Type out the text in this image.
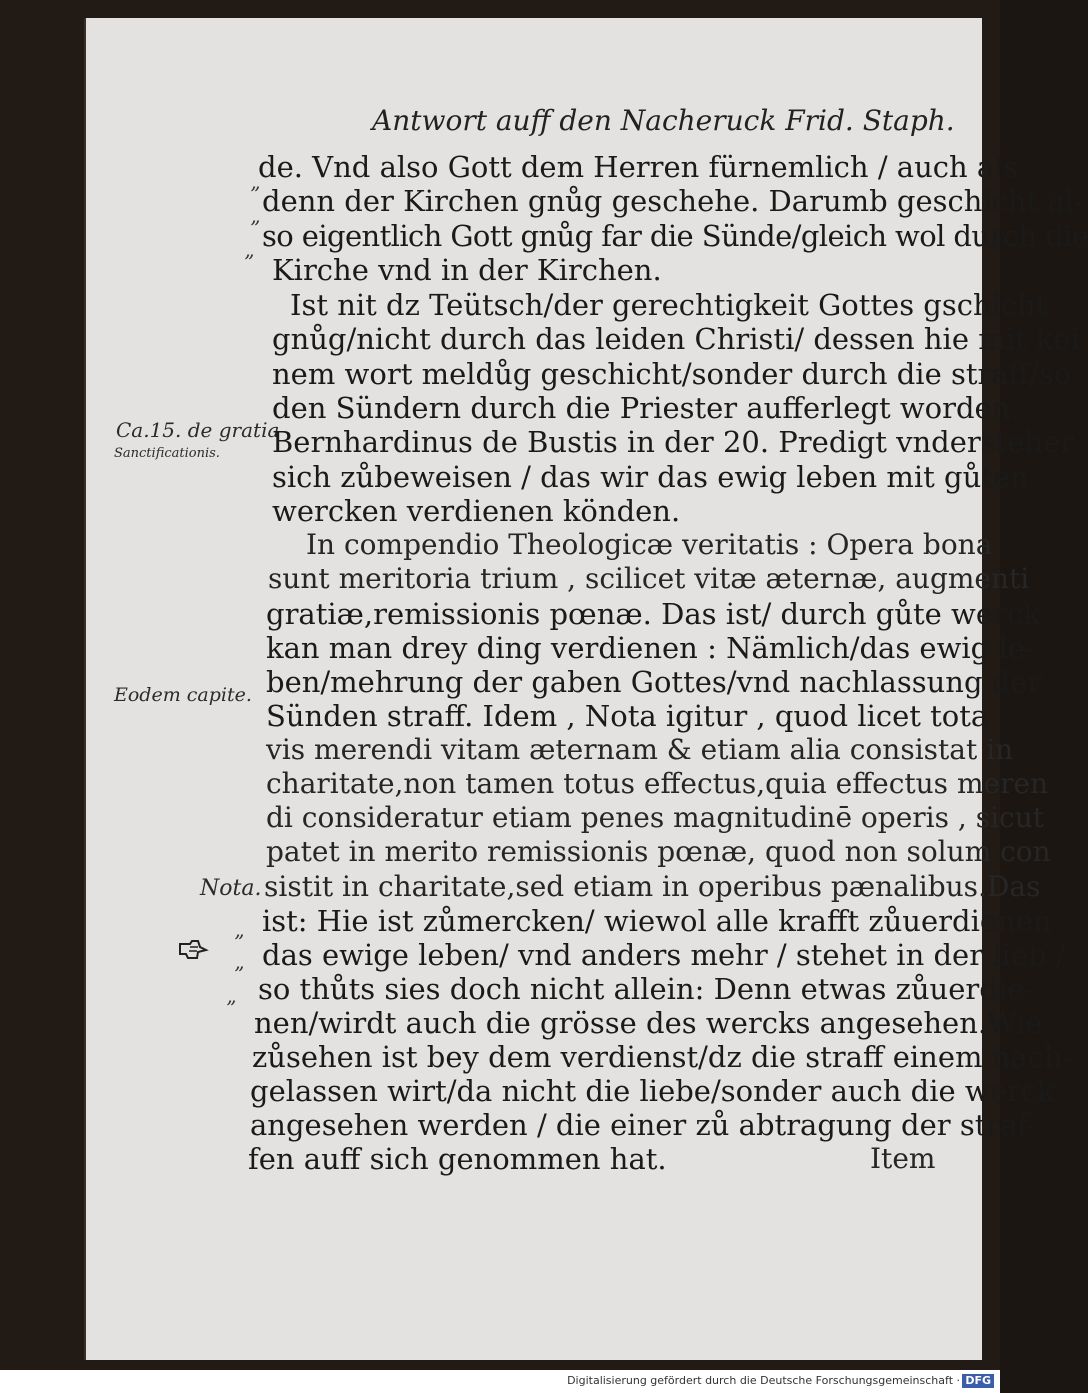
Antwort auff den Nacheruck Frid. Staph.
”
”
”
”
”
”
Ca.15. de gratia
Sanctificationis.
Eodem capite.
Nota.
de. Vnd also Gott dem Herren fürnemlich / auch als
denn der Kirchen gnůg geschehe. Darumb geschicht al-
so eigentlich Gott gnůg far die Sünde/gleich wol durch die
Kirche vnd in der Kirchen.
Ist nit dz Teütsch/der gerechtigkeit Gottes gschicht
gnůg/nicht durch das leiden Christi/ dessen hie mit kei
nem wort meldůg geschicht/sonder durch die straff/so
den Sündern durch die Priester aufferlegt worden.
Bernhardinus de Bustis in der 20. Predigt vndersteher
sich zůbeweisen / das wir das ewig leben mit gůten
wercken verdienen könden.
In compendio Theologicæ veritatis : Opera bona
sunt meritoria trium , scilicet vitæ æternæ, augmenti
gratiæ,remissionis pœnæ. Das ist/ durch gůte werck
kan man drey ding verdienen : Nämlich/das ewig le-
ben/mehrung der gaben Gottes/vnd nachlassung der
Sünden straff. Idem , Nota igitur , quod licet tota
vis merendi vitam æternam & etiam alia consistat in
charitate,non tamen totus effectus,quia effectus meren
di consideratur etiam penes magnitudinē operis , sicut
patet in merito remissionis pœnæ, quod non solum con
sistit in charitate,sed etiam in operibus pænalibus.Das
ist: Hie ist zůmercken/ wiewol alle krafft zůuerdienen
das ewige leben/ vnd anders mehr / stehet in der lieb /
so thůts sies doch nicht allein: Denn etwas zůuerdie-
nen/wirdt auch die grösse des wercks angesehen.Wie
zůsehen ist bey dem verdienst/dz die straff einem nach-
gelassen wirt/da nicht die liebe/sonder auch die werck
angesehen werden / die einer zů abtragung der straf-
fen auff sich genommen hat.	Item
Digitalisierung gefördert durch die Deutsche Forschungsgemeinschaft · DFG
